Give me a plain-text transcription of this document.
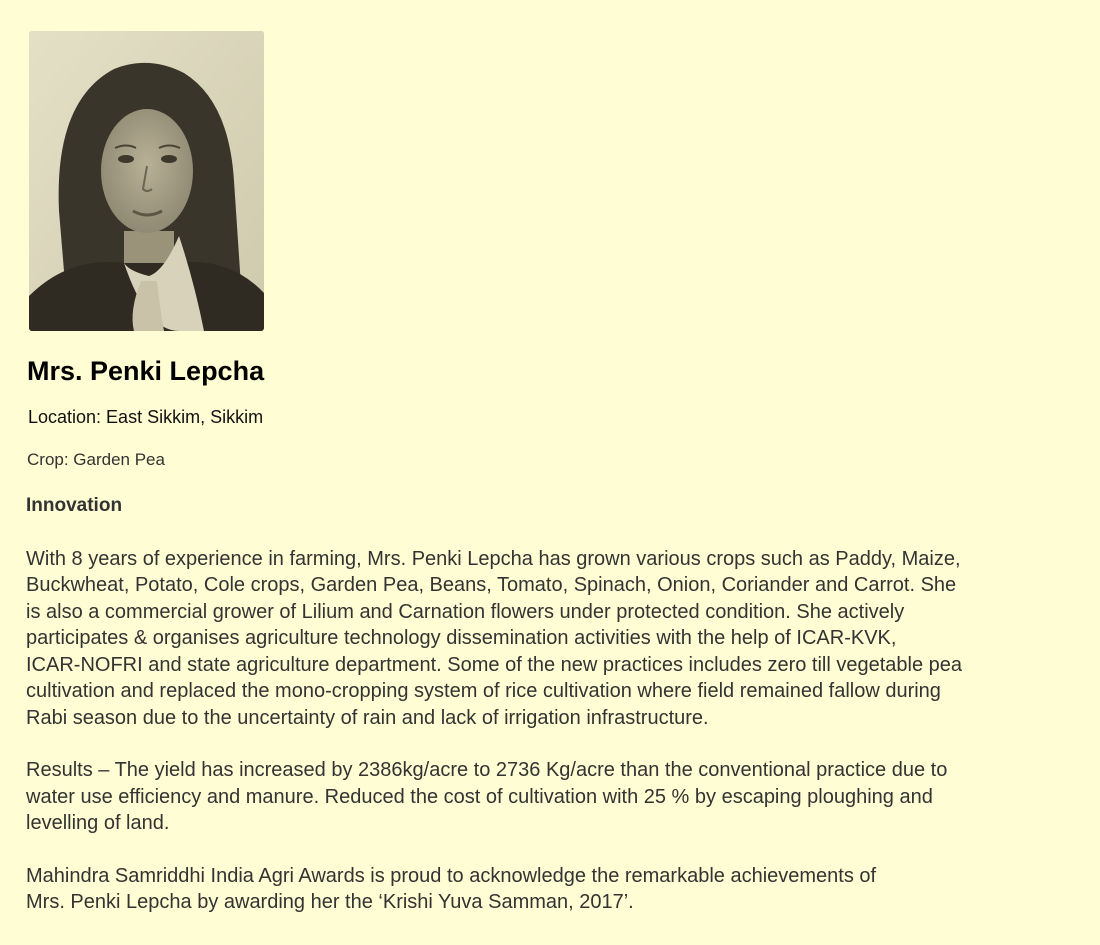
Mrs. Penki Lepcha
Location: East Sikkim, Sikkim
Crop: Garden Pea
Innovation
With 8 years of experience in farming, Mrs. Penki Lepcha has grown various crops such as Paddy, Maize,
Buckwheat, Potato, Cole crops, Garden Pea, Beans, Tomato, Spinach, Onion, Coriander and Carrot. She
is also a commercial grower of Lilium and Carnation flowers under protected condition. She actively
participates & organises agriculture technology dissemination activities with the help of ICAR-KVK,
ICAR-NOFRI and state agriculture department. Some of the new practices includes zero till vegetable pea
cultivation and replaced the mono-cropping system of rice cultivation where field remained fallow during
Rabi season due to the uncertainty of rain and lack of irrigation infrastructure.
Results – The yield has increased by 2386kg/acre to 2736 Kg/acre than the conventional practice due to
water use efficiency and manure. Reduced the cost of cultivation with 25 % by escaping ploughing and
levelling of land.
Mahindra Samriddhi India Agri Awards is proud to acknowledge the remarkable achievements of
Mrs. Penki Lepcha by awarding her the ‘Krishi Yuva Samman, 2017’.
